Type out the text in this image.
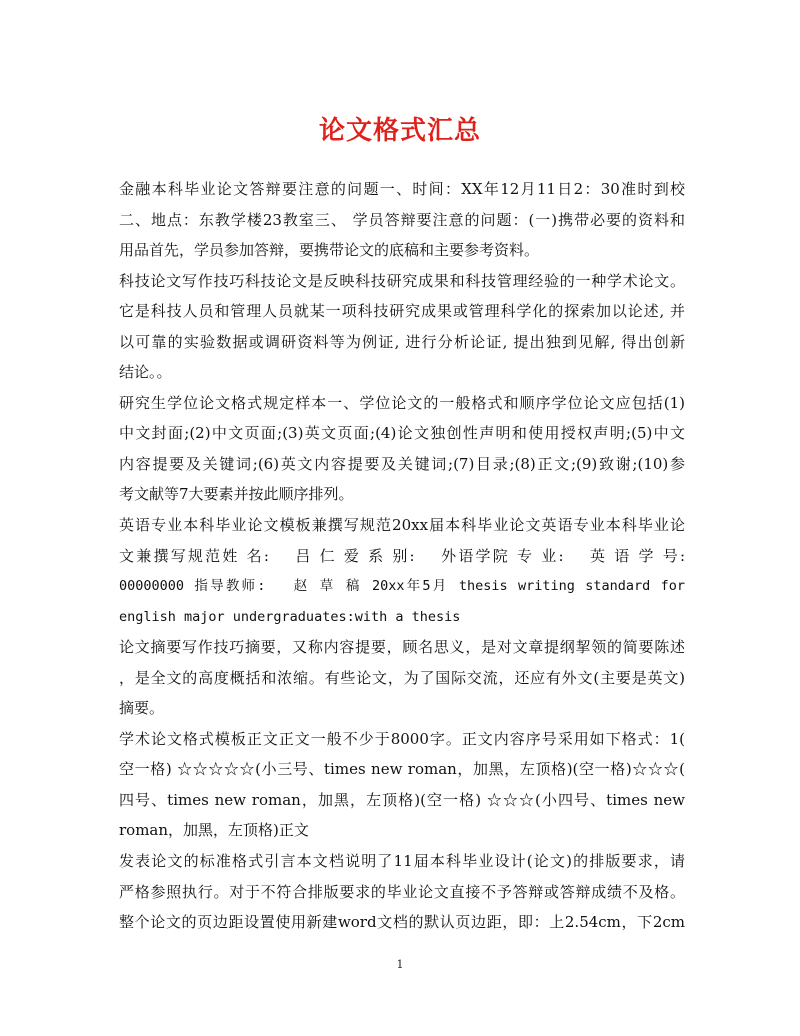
论文格式汇总
金融本科毕业论文答辩要注意的问题一、时间：XX年12月11日2：30准时到校
二、地点：东教学楼23教室三、 学员答辩要注意的问题：(一)携带必要的资料和
用品首先，学员参加答辩，要携带论文的底稿和主要参考资料。
科技论文写作技巧科技论文是反映科技研究成果和科技管理经验的一种学术论文。
它是科技人员和管理人员就某一项科技研究成果或管理科学化的探索加以论述, 并
以可靠的实验数据或调研资料等为例证, 进行分析论证, 提出独到见解, 得出创新
结论。。
研究生学位论文格式规定样本一、学位论文的一般格式和顺序学位论文应包括(1)
中文封面;(2)中文页面;(3)英文页面;(4)论文独创性声明和使用授权声明;(5)中文
内容提要及关键词;(6)英文内容提要及关键词;(7)目录;(8)正文;(9)致谢;(10)参
考文献等7大要素并按此顺序排列。
英语专业本科毕业论文模板兼撰写规范20xx届本科毕业论文英语专业本科毕业论
文兼撰写规范姓 名:　 吕 仁 爱 系 别:　 外语学院 专 业:　 英 语 学 号:
00000000 指导教师:　 赵 草 稿 20xx年5月 thesis writing standard for
english major undergraduates:with a thesis
论文摘要写作技巧摘要，又称内容提要，顾名思义，是对文章提纲挈领的简要陈述
，是全文的高度概括和浓缩。有些论文，为了国际交流，还应有外文(主要是英文)
摘要。
学术论文格式模板正文正文一般不少于8000字。正文内容序号采用如下格式：1(
空一格) ☆☆☆☆☆(小三号、times new roman，加黑，左顶格)(空一格)☆☆☆(
四号、times new roman，加黑，左顶格)(空一格) ☆☆☆(小四号、times new
roman，加黑，左顶格)正文
发表论文的标准格式引言本文档说明了11届本科毕业设计(论文)的排版要求，请
严格参照执行。对于不符合排版要求的毕业论文直接不予答辩或答辩成绩不及格。
整个论文的页边距设置使用新建word文档的默认页边距，即：上2.54cm，下2cm
1
